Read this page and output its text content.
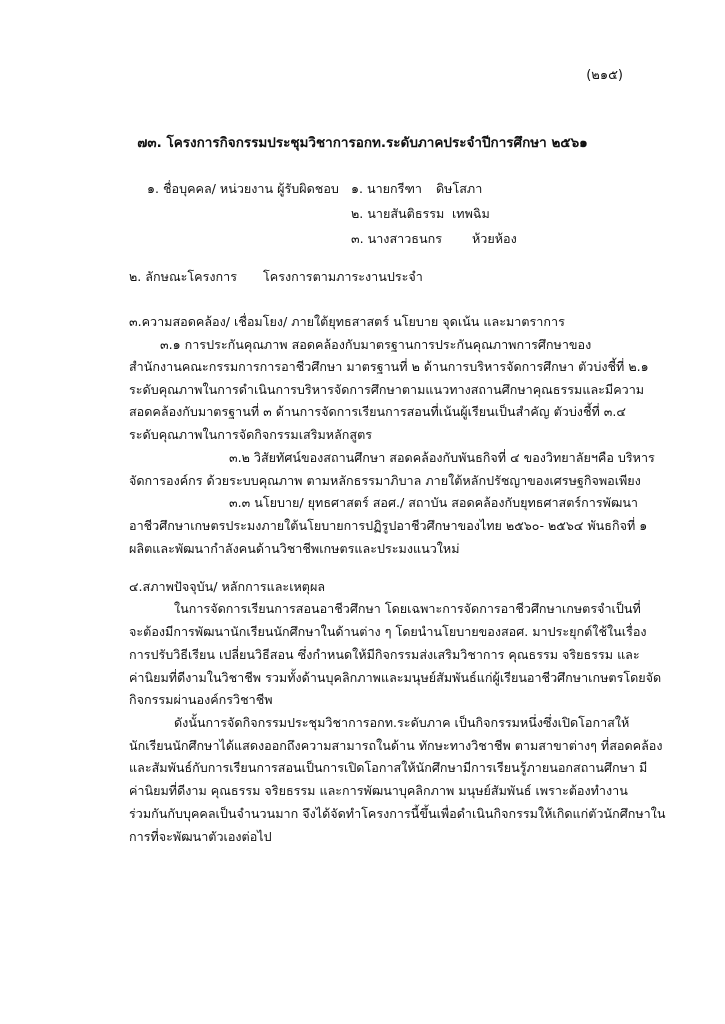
(๒๑๕)
๗๓. โครงการกิจกรรมประชุมวิชาการอกท.ระดับภาคประจำปีการศึกษา ๒๕๖๑
๑. ชื่อบุคคล/ หน่วยงาน ผู้รับผิดชอบ ๑. นายกรีฑา ดิษโสภา
๒. นายสันติธรรม เทพฉิม
๓. นางสาวธนกร ห้วยห้อง
๒. ลักษณะโครงการ โครงการตามภาระงานประจำ
๓.ความสอดคล้อง/ เชื่อมโยง/ ภายใต้ยุทธสาสตร์ นโยบาย จุดเน้น และมาตราการ
๓.๑ การประกันคุณภาพ สอดคล้องกับมาตรฐานการประกันคุณภาพการศึกษาของ
สำนักงานคณะกรรมการการอาชีวศึกษา มาตรฐานที่ ๒ ด้านการบริหารจัดการศึกษา ตัวบ่งชี้ที่ ๒.๑
ระดับคุณภาพในการดำเนินการบริหารจัดการศึกษาตามแนวทางสถานศึกษาคุณธรรมและมีความ
สอดคล้องกับมาตรฐานที่ ๓ ด้านการจัดการเรียนการสอนที่เน้นผู้เรียนเป็นสำคัญ ตัวบ่งชี้ที่ ๓.๔
ระดับคุณภาพในการจัดกิจกรรมเสริมหลักสูตร
๓.๒ วิสัยทัศน์ของสถานศึกษา สอดคล้องกับพันธกิจที่ ๔ ของวิทยาลัยฯคือ บริหาร
จัดการองค์กร ด้วยระบบคุณภาพ ตามหลักธรรมาภิบาล ภายใต้หลักปรัชญาของเศรษฐกิจพอเพียง
๓.๓ นโยบาย/ ยุทธศาสตร์ สอศ./ สถาบัน สอดคล้องกับยุทธศาสตร์การพัฒนา
อาชีวศึกษาเกษตรประมงภายใต้นโยบายการปฏิรูปอาชีวศึกษาของไทย ๒๕๖๐- ๒๕๖๔ พันธกิจที่ ๑
ผลิตและพัฒนากำลังคนด้านวิชาชีพเกษตรและประมงแนวใหม่
๔.สภาพปัจจุบัน/ หลักการและเหตุผล
ในการจัดการเรียนการสอนอาชีวศึกษา โดยเฉพาะการจัดการอาชีวศึกษาเกษตรจำเป็นที่
จะต้องมีการพัฒนานักเรียนนักศึกษาในด้านต่าง ๆ โดยนำนโยบายของสอศ. มาประยุกต์ใช้ในเรื่อง
การปรับวิธีเรียน เปลี่ยนวิธีสอน ซึ่งกำหนดให้มีกิจกรรมส่งเสริมวิชาการ คุณธรรม จริยธรรม และ
ค่านิยมที่ดีงามในวิชาชีพ รวมทั้งด้านบุคลิกภาพและมนุษย์สัมพันธ์แก่ผู้เรียนอาชีวศึกษาเกษตรโดยจัด
กิจกรรมผ่านองค์กรวิชาชีพ
ดังนั้นการจัดกิจกรรมประชุมวิชาการอกท.ระดับภาค เป็นกิจกรรมหนึ่งซึ่งเปิดโอกาสให้
นักเรียนนักศึกษาได้แสดงออกถึงความสามารถในด้าน ทักษะทางวิชาชีพ ตามสาขาต่างๆ ที่สอดคล้อง
และสัมพันธ์กับการเรียนการสอนเป็นการเปิดโอกาสให้นักศึกษามีการเรียนรู้ภายนอกสถานศึกษา มี
ค่านิยมที่ดีงาม คุณธรรม จริยธรรม และการพัฒนาบุคลิกภาพ มนุษย์สัมพันธ์ เพราะต้องทำงาน
ร่วมกันกับบุคคลเป็นจำนวนมาก จึงได้จัดทำโครงการนี้ขึ้นเพื่อดำเนินกิจกรรมให้เกิดแก่ตัวนักศึกษาใน
การที่จะพัฒนาตัวเองต่อไป
